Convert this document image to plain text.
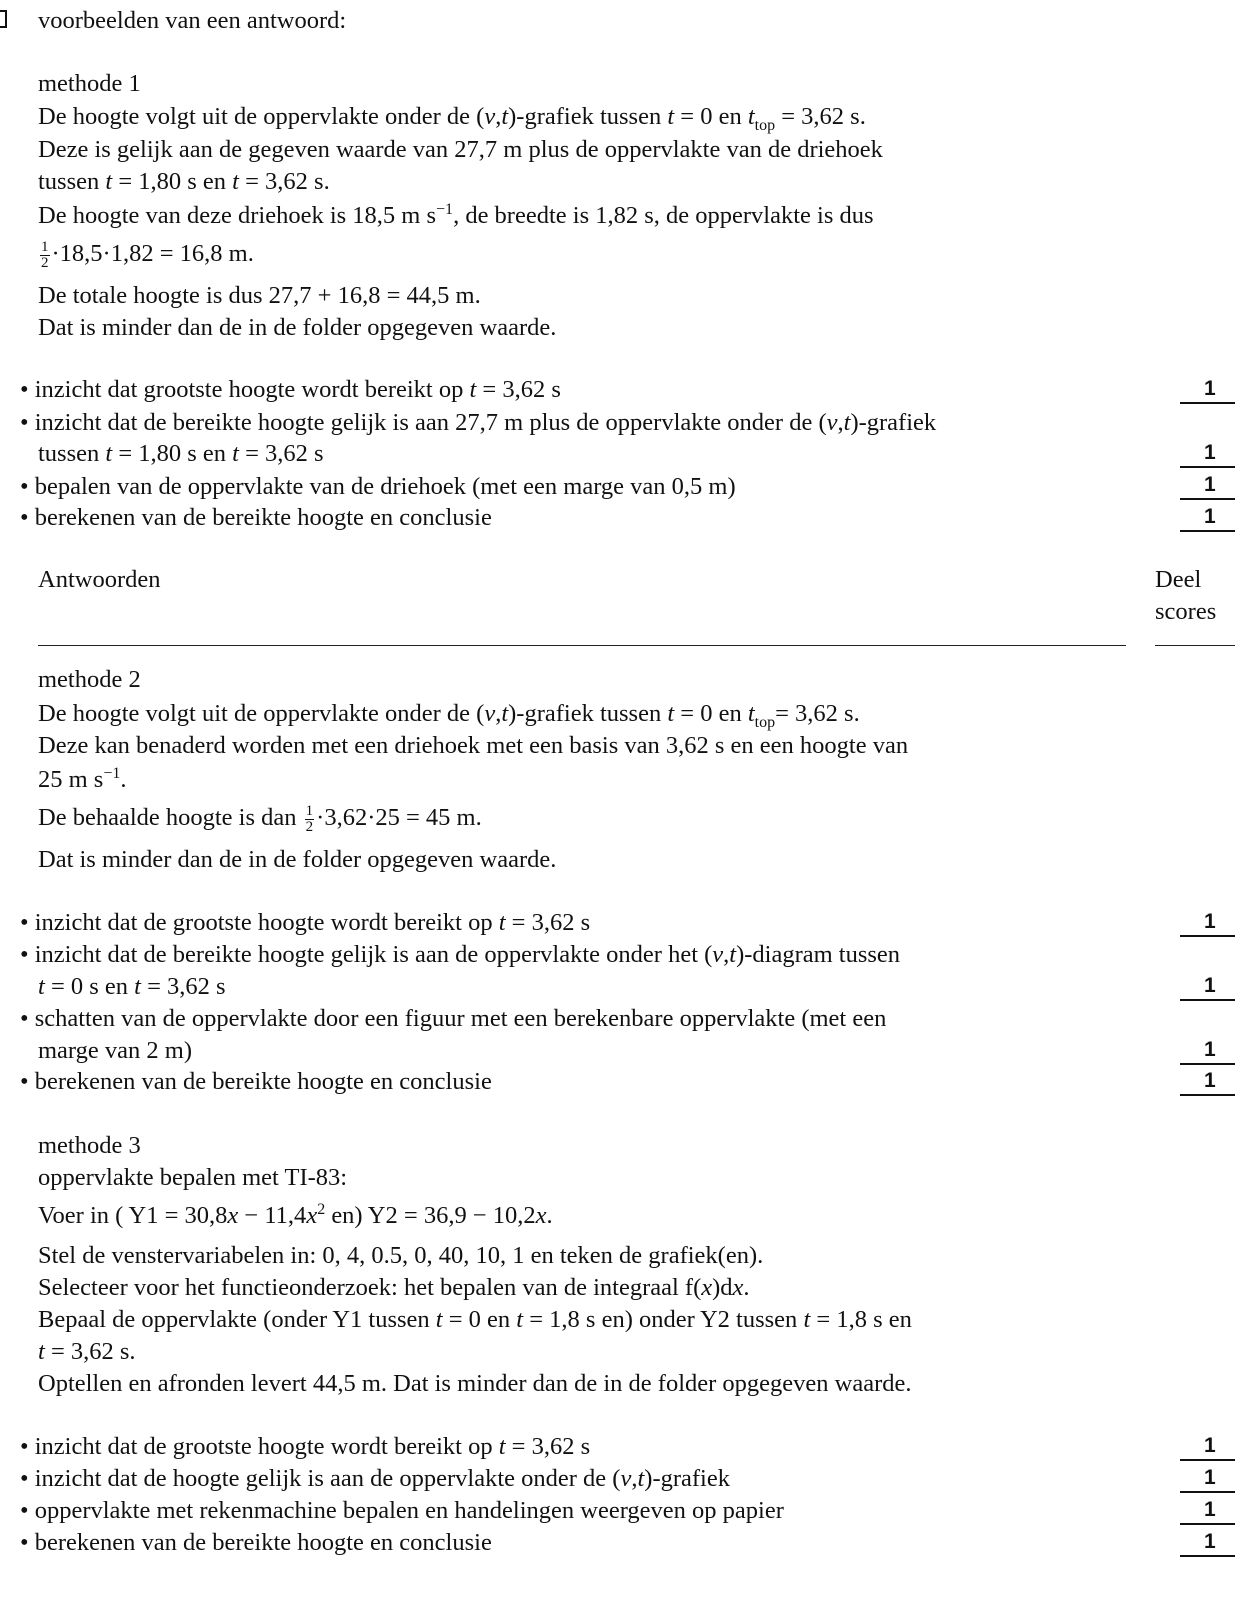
voorbeelden van een antwoord:
methode 1
De hoogte volgt uit de oppervlakte onder de (v,t)-grafiek tussen t = 0 en $t_{top} = 3,62$ s.
Deze is gelijk aan de gegeven waarde van 27,7 m plus de oppervlakte van de driehoek
tussen t = 1,80 s en t = 3,62 s.
De hoogte van deze driehoek is 18,5 m $s^{-1}$, de breedte is 1,82 s, de oppervlakte is dus
$\frac{1}{2} \cdot 18,5\cdot 1,82 = 16,8$ m.
De totale hoogte is dus 27,7 + 16,8 = 44,5 m.
Dat is minder dan de in de folder opgegeven waarde.
• inzicht dat grootste hoogte wordt bereikt op t = 3,62 s	1
• inzicht dat de bereikte hoogte gelijk is aan 27,7 m plus de oppervlakte onder de (v,t)-grafiek
tussen t = 1,80 s en t = 3,62 s	1
• bepalen van de oppervlakte van de driehoek (met een marge van 0,5 m)	1
• berekenen van de bereikte hoogte en conclusie	1
Antwoorden	Deel
scores
methode 2
De hoogte volgt uit de oppervlakte onder de (v,t)-grafiek tussen t = 0 en $t_{top}= 3,62$ s.
Deze kan benaderd worden met een driehoek met een basis van 3,62 s en een hoogte van
25 m $s^{-1}$.
De behaalde hoogte is dan $\frac{1}{2} \cdot 3,62\cdot 25 = 45$ m.
Dat is minder dan de in de folder opgegeven waarde.
• inzicht dat de grootste hoogte wordt bereikt op t = 3,62 s	1
• inzicht dat de bereikte hoogte gelijk is aan de oppervlakte onder het (v,t)-diagram tussen
t = 0 s en t = 3,62 s	1
• schatten van de oppervlakte door een figuur met een berekenbare oppervlakte (met een
marge van 2 m)	1
• berekenen van de bereikte hoogte en conclusie	1
methode 3
oppervlakte bepalen met TI-83:
Voer in ( $Y1 = 30,8x - 11,4x^2$ en) Y2 = 36,9 − 10,2x.
Stel de venstervariabelen in: 0, 4, 0.5, 0, 40, 10, 1 en teken de grafiek(en).
Selecteer voor het functieonderzoek: het bepalen van de integraal f(x)dx.
Bepaal de oppervlakte (onder Y1 tussen t = 0 en t = 1,8 s en) onder Y2 tussen t = 1,8 s en
t = 3,62 s.
Optellen en afronden levert 44,5 m. Dat is minder dan de in de folder opgegeven waarde.
• inzicht dat de grootste hoogte wordt bereikt op t = 3,62 s	1
• inzicht dat de hoogte gelijk is aan de oppervlakte onder de (v,t)-grafiek	1
• oppervlakte met rekenmachine bepalen en handelingen weergeven op papier	1
• berekenen van de bereikte hoogte en conclusie	1
